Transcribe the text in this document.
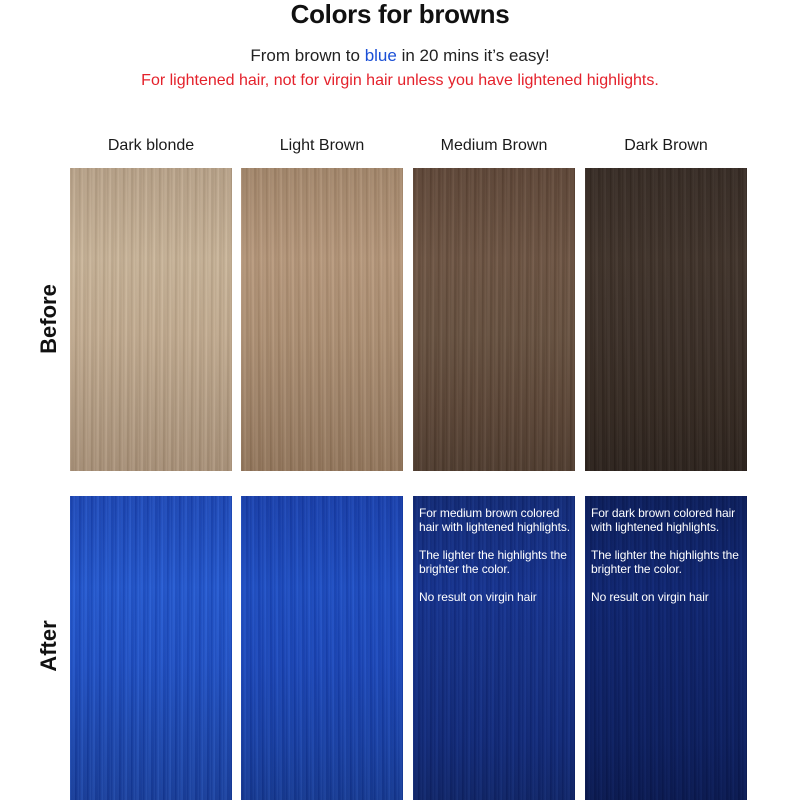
Colors for browns
From brown to blue in 20 mins it’s easy!
For lightened hair, not for virgin hair unless you have lightened highlights.
Dark blonde	Light Brown	Medium Brown	Dark Brown
Before
After

For medium brown colored hair with lightened highlights.

The lighter the highlights the brighter the color.

No result on virgin hair

For dark brown colored hair with lightened highlights.

The lighter the highlights the brighter the color.

No result on virgin hair
